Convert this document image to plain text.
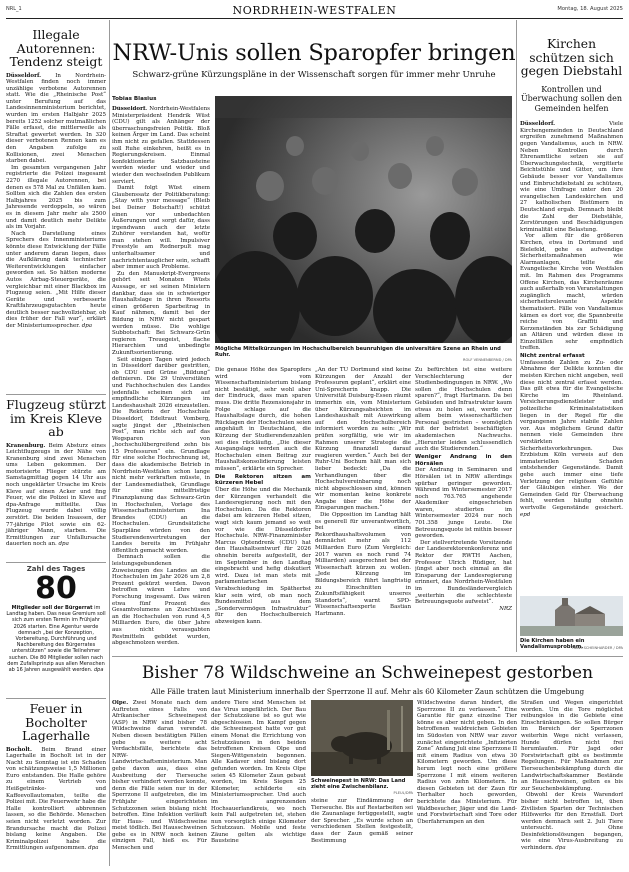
NRL_1	NORDRHEIN-WESTFALEN	Montag, 18. August 2025
Illegale Autorennen: Tendenz steigt

Düsseldorf.	In Nordrhein-Westfalen finden noch immer unzählige verbotene Autorennen statt. Wie die „Rheinische Post“ unter Berufung auf das Landesinnenministerium berichtet, wurden im ersten Halbjahr 2025 bereits 1252 solcher mutmaßlichen Fälle erfasst, die mittlerweile als Straftat gewertet werden. In 320 dieser verbotenen Rennen kam es den Angaben zufolge zu Kollisionen, zwei Menschen starben dabei.

Im gesamten vergangenen Jahr registrierte die Polizei insgesamt 2270 illegale Autorennen, bei denen es 578 Mal zu Unfällen kam. Sollten sich die Zahlen des ersten Halbjahres 2025 bis zum Jahresende verdoppeln, so wären es in diesem Jahr mehr als 2500 und damit deutlich mehr Delikte als im Vorjahr.

Nach Darstellung eines Sprechers des Innenministeriums könnte diese Entwicklung der Fälle unter anderem daran liegen, dass die Aufklärung dank technischer Weiterentwicklungen einfacher geworden sei. So hätten moderne Autos Airbag-Steuergeräte, die vergleichbar mit einer Blackbox im Flugzeug seien. „Mit Hilfe dieser Geräte und verbesserte Kraftfahrzeugsgutachten heute deutlich besser nachvollziehbar, ob dies früher der Fall war“, erklärt der Ministeriumssprecher. dpa

Flugzeug stürzt im Kreis Kleve ab

Kranenburg. Beim Absturz eines Leichtflugzeugs in der Nähe von Kranenburg sind zwei Menschen ums Leben gekommen. Der motorisierte Flieger stürzte am Samstagmittag gegen 14 Uhr aus noch ungeklärter Ursache im Kreis Kleve auf einen Acker und fing Feuer, wie die Polizei in Kleve auf dpa-Anfrage mitteilte. Das Flugzeug wurde dabei völlig zerstört. Die beiden Insassen, der 77-jährige Pilot sowie ein 62-jähriger Mann, starben. Die Ermittlungen zur Unfallursache dauerten noch an. dpa

Zahl des Tages
80
Mitglieder soll der Bürgerrat im Landtag haben. Das neue Gremium soll sich zum ersten Termin im Frühjahr 2026 starten. Eine Agentur werde demnach „bei der Konzeption, Vorbereitung, Durchführung und Nachbereitung des Bürgerrates unterstützen“ sowie die Teilnehmer suchen. Die 80 Mitglieder sollen nach dem Zufallsprinzip aus allen Menschen ab 16 Jahren ausgewählt werden. dpa
Feuer in Bocholter Lagerhalle

Bocholt. Beim Brand einer Lagerhalle in Bocholt ist in der Nacht zu Sonntag ist ein Schaden von schätzungsweise 1,5 Millionen Euro entstanden. Die Halle gehöre zu einem Vertrieb von Heißgetränke- und Kaffeevollautomaten, teilte die Polizei mit. Die Feuerwehr habe die Halle kontrolliert abbrennen lassen, so die Behörde. Menschen seien nicht verletzt worden. Zur Brandursache macht die Polizei bislang keine Angaben. Die Kriminalpolizei habe die Ermittlungen aufgenommen. dpa

NRW-Unis sollen Sparopfer bringen
Schwarz-grüne Kürzungspläne in der Wissenschaft sorgen für immer mehr Unruhe
Tobias Blasius

Düsseldorf. Nordrhein-Westfalens Ministerpräsident Hendrik Wüst (CDU) gilt als Anhänger der überraschungsfreien Politik. Bloß keinen Ärger im Land. Das scheint ihm nicht zu gefallen. Stattdessen soll Ruhe einkehren, heißt es in Regierungskreisen. Einmal konfektionierte Satzbausteine werden wieder und wieder und wieder den wechselnden Publikum serviert.

Damit folgt Wüst einem Glaubenssatz der Politikberatung: „Stay with your message“ (Bleib bei Deiner Botschaft!) schützt einen vor unbedachten Äußerungen und sorgt dafür, dass irgendwann auch der letzte Zuhörer verstanden hat, wofür man stehen will. Impulsiver Freestyle am Rednerpult mag unterhaltsamer und nachrichtentauglicher sein, schafft aber immer auch Probleme.

Zu den Manuskript-Evergreens gehört seit Monaten Wüsts Aussage, er sei seinen Ministern dankbar, dass sie in schwieriger Haushaltslage in ihren Ressorts einen größeren Sparbeitrag in Kauf nähmen, damit bei der Bildung in NRW nicht gespart werden müsse. Die wohlige Subbotschaft: Bei Schwarz-Grün regieren Treuegeist, flache Hierarchien und unbedingte Zukunftsorientierung.

Seit einigen Tagen wird jedoch in Düsseldorf darüber gestritten, ob CDU und Grüne „Bildung“ definieren. Die 29 Universitäten und Fachhochschulen des Landes jedenfalls scheinen sich auf empfindliche Kürzungen im Landeshaushalt 2026 einzustellen. Die Rektorin der Hochschule Düsseldorf, Edeltraut Vomberg, sagte jüngst der „Rheinischen Post“, man richte sich auf das Wegsparen von „hochschulübergreifend zehn bis 15 Professuren“ ein. Grundlage für eine solche Hochrechnung ist, dass die akademische Betrieb in Nordrhein-Westfalen schon lange nicht mehr verkraften müsste, in der Landesmediathek, Grundlage für eine mittelfristige Finanzplanung das Schwarz-Grün in Hochschulen, Vorlage des Wissenschaftsministerium Ina Brandes (CDU) an die Hochschulen. Grundsätzliche Sparpläne würden von den Studierendenvertretungen der Landes bereits im Frühjahr öffentlich gemacht worden.

Demnach sollen die leistungsgebundenen Zuweisungen des Landes an die Hochschulen im Jahr 2026 um 2,8 Prozent gekürzt werden. Davon betroffen wären Lehre und Forschung insgesamt. Das wären etwa fünf Prozent des Gesamtvolumens an Zuschüssen an die Hochschulen von rund 4,5 Milliarden Euro, die über Jahre aus nicht verausgabten Restmitteln gebildet wurden, abgeschmolzen werden.

Mögliche Mittelkürzungen im Hochschulbereich beunruhigen die universitäre Szene an Rhein und Ruhr.
ROLF VENNENBERND / DPA

Die genaue Höhe des Sparopfers wird vom Wissenschaftsministerium bislang nicht bestätigt, sehr wohl aber der Eindruck, dass man sparen muss. Die dritte Rezensionsjahr in Folge schlage auf die Haushaltslage durch, die hohen Rücklagen der Hochschulen seien angehäuft in Deutschland, die Kürzung der Studierendenzahlen sei dies rückläufig. „Die dieser Ausgangslage werden auch die Hochschulen einen Beitrag zur Haushaltskonsolidierung leisten müssen“, erklärte ein Sprecher.

Die Rektoren sitzen am kürzeren Hebel

Über die Höhe und die Mechanik der Kürzungen verhandelt die Landesregierung noch mit den Hochschulen. Da die Rektoren dabei am kürzeren Hebel sitzen, wagt sich kaum jemand so weit vor wie die Düsseldorfer Hochschule. NRW-Finanzminister Marcus Optendrenk (CDU) hat den Haushaltsentwurf für 2026 ohnehin bereits aufgestellt, der im September in den Landtag eingebracht und hefig diskutiert wird. Dazu ist man stets mit parlamentarischen Verabschiedung im Spätherbst klar sein wird, ob man noch Bundesmittel aus dem „Sondervermögen Infrastruktur“ für den Hochschulbereich abzweigen kann.

„An der TU Dortmund sind keine Kürzungen der Anzahl der Professuren geplant“, erklärt eine Uni-Sprecherin knapp. Die Universität Duisburg-Essen räumt immerhin ein, vom Ministerium über Kürzungsabsichten im Landeshaushalt mit Auswirkung auf den Hochschulbereich informiert worden zu sein: „Wir prüfen sorgfältig, wie wir im Rahmen unserer Strategie die Kürzung finanziell darauf reagieren werden.“ Auch bei der Ruhr-Uni Bochum hält man sich lieber bedeckt: „Da die Verhandlungen über die Hochschulvereinbarung noch nicht abgeschlossen sind, können wir momentan keine konkrete Angabe über die Höhe der Einsparungen machen.“

Die Opposition im Landtag hält es generell für unverantwortlich, bei einem Rekordhaushaltsvolumen von demnächst mehr als 112 Milliarden Euro (Zum Vergleich: 2017 waren es noch rund 74 Milliarden) ausgerechnet bei der Wissenschaft kürzen zu wollen. „Jede Kürzung im Bildungsbereich führt langfristig zu Einschnitten in Zukunftsfähigkeit unseres Standorts“, warnt SPD-Wissenschaftsexperte Bastian Hartmann.

Zu befürchten ist eine weitere Verschlechterung der Studienbedingungen in NRW. „Wo sollen die Hochschulen denn sparen?“, fragt Hartmann. Da bei Gebäuden und Infrastruktur kaum etwas zu holen sei, werde vor allem beim wissenschaftlichen Personal gestrichen – womöglich mit der befristet beschäftigten akademischen Nachwuchs. „Hierunter leiden schlussendlich auch die Studierenden.“

Weniger Andrang in den Hörsälen

Der Andrang in Seminaren und Hörsälen ist in NRW allerdings spürbar geringer geworden. Während im Wintersemester 2017 noch 763.765 angehende Akademiker eingeschrieben waren, studierten im Wintersemester 2024 nur noch 701.358 junge Leute. Die Betreuungsquote ist mithin besser geworden.

Der stellvertretende Vorsitzende der Landesrektorenkonferenz und Rektor der RWTH Aachen, Professor Ulrich Rüdiger, hat jüngst aber noch einmal an die Einsparung der Landesregierung erinnert, das Nordrhein-Westfalen im Bundesländervergleich „weiterhin die schlechteste Betreuungsquote aufweist“.

NRZ

Kirchen schützen sich gegen Diebstahl
Kontrollen und Überwachung sollen den Gemeinden helfen

Düsseldorf.	Viele Kirchengemeinden in Deutschland ergreifen zunehmend Maßnahmen gegen Vandalismus, auch in NRW. Neben Kontrollen durch Ehrenamtliche setzen sie auf Überwachungstechnik, vergitterte Beichtstühle und Gitter, um ihre Gebäude besser vor Vandalismus und Einbruchdiebstahl zu schützen, wie eine Umfrage unter den 20 evangelischen Landeskirchen und 27 katholischen Bistümern in Deutschland ergab. Demnach bleibt die Zahl der Diebstähle, Zerstörungen und Beschädigungen kriminalität eine Belastung.

Vor allem für die größeren Kirchen, etwa in Dortmund und Bielefeld, gehe es aufwendige Sicherheitsmaßnahmen wie Alarmanlagen, teilte die Evangelische Kirche von Westfalen mit. Im Rahmen des Programms Offene Kirchen, das Kirchenräume auch außerhalb von Veranstaltungen zugänglich macht, würden sicherheitsrelevante Aspekte thematisiert. Fälle von Vandalismus kämen es dort vor, die Spannbreite reiche von Graffiti und Kerzenständen bis zur Schädigung an Altären und würden diese in Einzelfällen sehr empfindlich treffen.

Nicht zentral erfasst

Umfassende Zahlen zu Zu- oder Abnahme der Delikte konnten die meisten Kirchen nicht angeben, weil diese nicht zentral erfasst werden. Das gilt etwa für die Evangelische Kirche im Rheinland. Versicherungsdienstleister und polizeiliche Kriminalstatistiken liegen in der Regel für die vergangenen Jahre stabile Zahlen vor. Aus möglichem Grund dafür nennen viele Gemeinden ihre verstärkten Sicherheitsvorkehrungen. Das Erzbistum Köln verweis auf den immateriellen Schaden entstehender Gegenstände. Damit gehe auch immer eine tiefe Verletzung der religiösen Gefühle der Gläubigen einher. Wo der Gemeinden Geld für Überwachung fehlt, werden häufig ohnehin wertvolle Gegenstände gesichert. epd

Die Kirchen haben ein Vandalismusproblem.
HANS SCHEINHARDER / DPA
Bisher 78 Wildschweine an Schweinepest gestorben
Alle Fälle traten laut Ministerium innerhalb der Sperrzone II auf. Mehr als 60 Kilometer Zaun schützen die Umgebung

Olpe. Zwei Monate nach dem Auftreten eines Falls von Afrikanischer Schweinepest (ASP) in NRW sind bisher 78 Wildschweine daran verendet. Neben diesen bestätigten Fällen gebe es weitere acht Verdachtsfälle, berichtete das NRW-Landwirtschaftsministerium. Man gehe davon aus, dass eine Ausbreitung der Tierseuche bisher verhindert werden konnte, denn die Fälle seien nur in der Sperrzone II aufgetreten, die im Frühjahr eingerichteten Schutzzonen seien bislang nicht betroffen. Eine Infektion verläuft für Haus- und Wildschweine meist tödlich. Bei Hausschweinen gebe es in NRW noch keinen einzigen Fall, hieß es. Für Menschen und

andere Tiere sind Menschen ist das Virus ungefährlich. Der Bau der Schutzzäune ist so gut wie abgeschlossen. Im Kampf gegen die Schweinepest hatte vor gut einem Monat die Errichtung von Schutzzäunen in den beiden betroffenen Kreisen Olpe und Siegen-Wittgenstein begonnen. Alle Kadaver sind bislang dort gefunden worden. Im Kreis Olpe seien 45 Kilometer Zaun gebaut worden, im Kreis Siegen 25 Kilometer, schilderte ein Ministeriumssprecher. Und auch im angrenzenden Hochsauerlandkreis, wo noch kein Fall aufgetreten ist, stehen nun vorsorglich einige Kilometer Schutzzaun. Mobile und feste Zäune gelten als wichtige Bausteine

Schweinepest in NRW: Das Land zieht eine Zwischenbilanz.
PLEUL/DPA

steine zur Eindämmung der Tierseuche. Bis auf Restarbeiten sei die Zaunanlage fertiggestellt, sagte der Sprecher. „Es wurde schon an verschiedenen Stellen festgestellt, dass der Zaun gemäß seiner Bestimmung

Wildschweine daran hindert, die Sperrzone II zu verlassen.“ Eine Garantie für ganz einzelne Tier könne es aber nicht geben. In den betroffenen waldreichen Gebieten im Südosten von NRW war zuvor zunächst eingerichtete „Infizierten Zone“ Anfang Juli eine Sperrzone II mit einem Radius von etwa 30 Kilometern geworden. Um diese herum legt noch eine größere Sperrzone I mit einem weiteren Radius von zehn Kilometern. In diesen Gebieten ist der Zaun für Tierhalter hoch geworden, berichtete das Ministerium. Für Waldbesucher, Jäger und die Land- und Forstwirtschaft sind Tore oder Überfahrrampen an den

Straßen und Wegen eingerichtet worden. Um die Tore möglichst reibungslos in die Gebiete eine Einschränkungen. So sollen Bürger im Bereich der Sperrzonen weiterhin Wege nicht verlassen, Hunde dürfen nicht frei herumlaufen. Für Jagd oder Forstwirtschaft gibt es bestimmte Regelungen. Für Maßnahmen zur Tierseuchenbekämpfung durch die Landwirtschaftskammer Bestände an Hausschweinen, gelten es bis zur Seuchenbekämpfung.

Obwohl der Kreis Warendorf bisher nicht betroffen ist, üben Zivilisten Sparten der Technischen Hilfswerks für den Ernstfall. Dort werden demnach seit 2. Juli Tiere untersucht. Ohne Desinfektionslösungen begangen, wie eine Virus-Ausbreitung zu verhindern. dpa
